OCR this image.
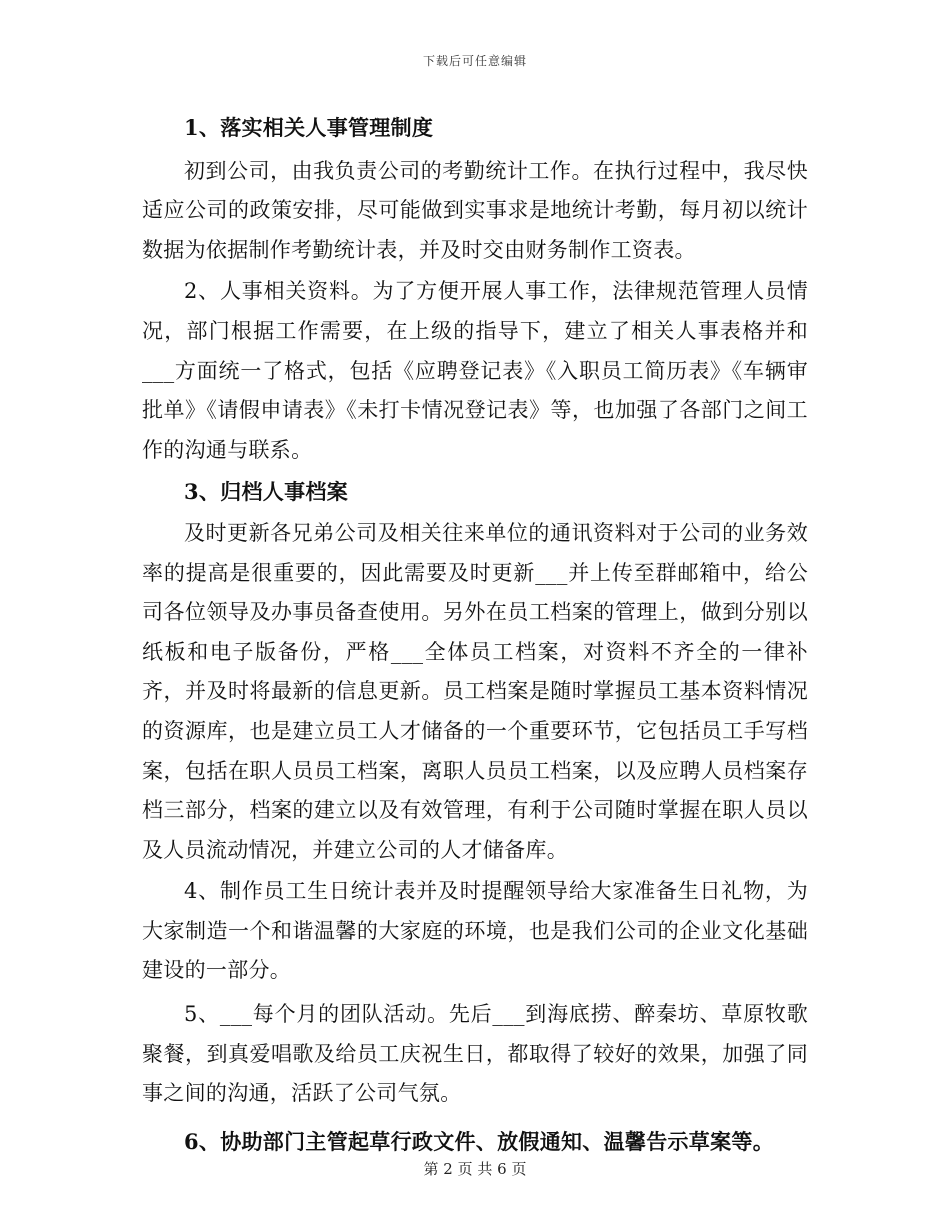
下载后可任意编辑

1、落实相关人事管理制度

初到公司，由我负责公司的考勤统计工作。在执行过程中，我尽快适应公司的政策安排，尽可能做到实事求是地统计考勤，每月初以统计数据为依据制作考勤统计表，并及时交由财务制作工资表。

2、人事相关资料。为了方便开展人事工作，法律规范管理人员情况，部门根据工作需要，在上级的指导下，建立了相关人事表格并和___方面统一了格式，包括《应聘登记表》《入职员工简历表》《车辆审批单》《请假申请表》《未打卡情况登记表》等，也加强了各部门之间工作的沟通与联系。

3、归档人事档案

及时更新各兄弟公司及相关往来单位的通讯资料对于公司的业务效率的提高是很重要的，因此需要及时更新___并上传至群邮箱中，给公司各位领导及办事员备查使用。另外在员工档案的管理上，做到分别以纸板和电子版备份，严格___全体员工档案，对资料不齐全的一律补齐，并及时将最新的信息更新。员工档案是随时掌握员工基本资料情况的资源库，也是建立员工人才储备的一个重要环节，它包括员工手写档案，包括在职人员员工档案，离职人员员工档案，以及应聘人员档案存档三部分，档案的建立以及有效管理，有利于公司随时掌握在职人员以及人员流动情况，并建立公司的人才储备库。

4、制作员工生日统计表并及时提醒领导给大家准备生日礼物，为大家制造一个和谐温馨的大家庭的环境，也是我们公司的企业文化基础建设的一部分。

5、___每个月的团队活动。先后___到海底捞、醉秦坊、草原牧歌聚餐，到真爱唱歌及给员工庆祝生日，都取得了较好的效果，加强了同事之间的沟通，活跃了公司气氛。

6、协助部门主管起草行政文件、放假通知、温馨告示草案等。

第 2 页 共 6 页
